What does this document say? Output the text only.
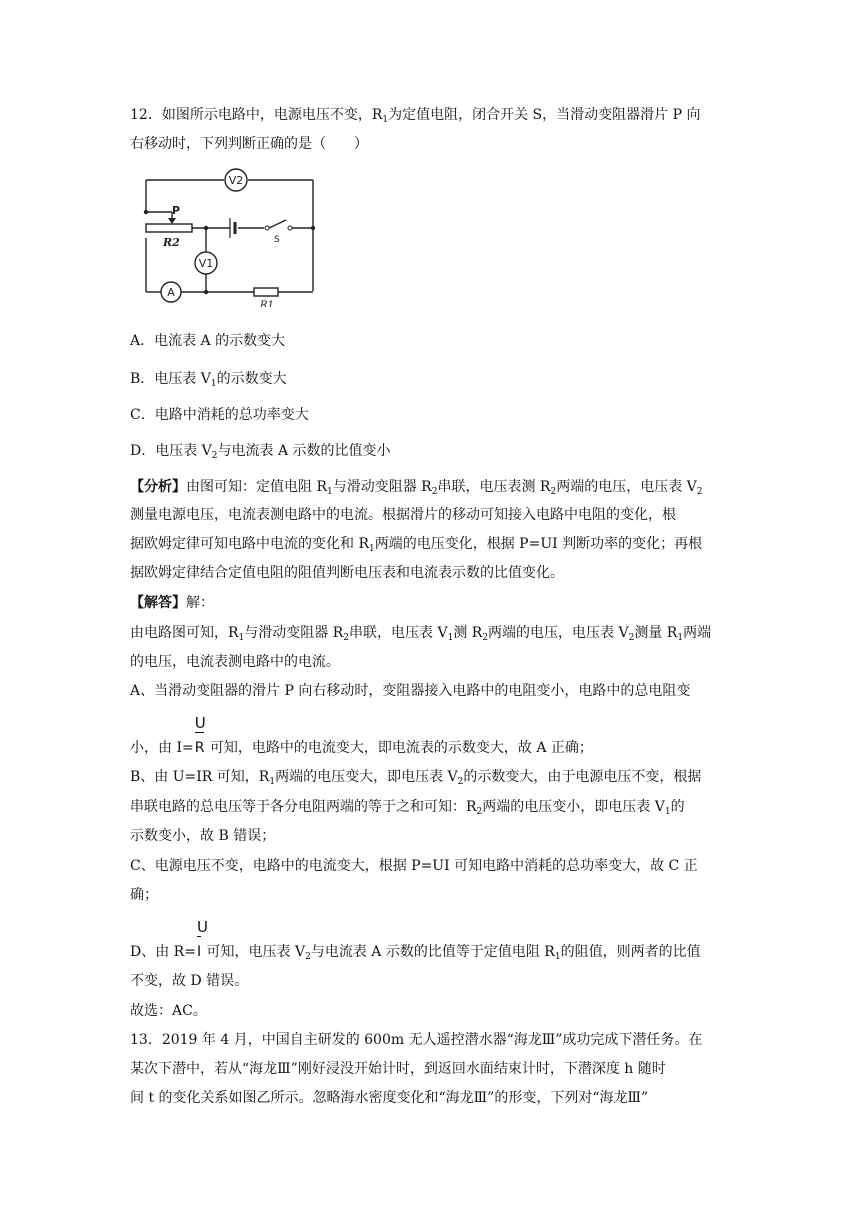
12．如图所示电路中，电源电压不变，$R_1$为定值电阻，闭合开关 S，当滑动变阻器滑片 P 向
右移动时，下列判断正确的是（　　）
V2
V1
A
P
R2
R1
S
A．电流表 A 的示数变大
B．电压表 $V_1$的示数变大
C．电路中消耗的总功率变大
D．电压表 $V_2$与电流表 A 示数的比值变小
【分析】由图可知：定值电阻 $R_1$与滑动变阻器 $R_2$串联，电压表测 $R_2$两端的电压，电压表 $V_2$
测量电源电压，电流表测电路中的电流。根据滑片的移动可知接入电路中电阻的变化，根
据欧姆定律可知电路中电流的变化和 $R_1$两端的电压变化，根据 P=UI 判断功率的变化；再根
据欧姆定律结合定值电阻的阻值判断电压表和电流表示数的比值变化。
【解答】解：
由电路图可知，$R_1$与滑动变阻器 $R_2$串联，电压表 $V_1$测 $R_2$两端的电压，电压表 $V_2$测量 $R_1$两端
的电压，电流表测电路中的电流。
A、当滑动变阻器的滑片 P 向右移动时，变阻器接入电路中的电阻变小，电路中的总电阻变
小，由 $I= \frac{U}{R}$ 可知，电路中的电流变大，即电流表的示数变大，故 A 正确；
B、由 U=IR 可知，$R_1$两端的电压变大，即电压表 $V_2$的示数变大，由于电源电压不变，根据
串联电路的总电压等于各分电阻两端的等于之和可知：$R_2$两端的电压变小，即电压表 $V_1$的
示数变小，故 B 错误；
C、电源电压不变，电路中的电流变大，根据 P=UI 可知电路中消耗的总功率变大，故 C 正
确；
D、由 $R= \frac{U}{I}$ 可知，电压表 $V_2$与电流表 A 示数的比值等于定值电阻 $R_1$的阻值，则两者的比值
不变，故 D 错误。
故选：AC。
13．2019 年 4 月，中国自主研发的 600m 无人遥控潜水器“海龙Ⅲ”成功完成下潜任务。在
某次下潜中，若从“海龙Ⅲ”刚好浸没开始计时，到返回水面结束计时，下潜深度 h 随时
间 t 的变化关系如图乙所示。忽略海水密度变化和“海龙Ⅲ”的形变，下列对“海龙Ⅲ”
